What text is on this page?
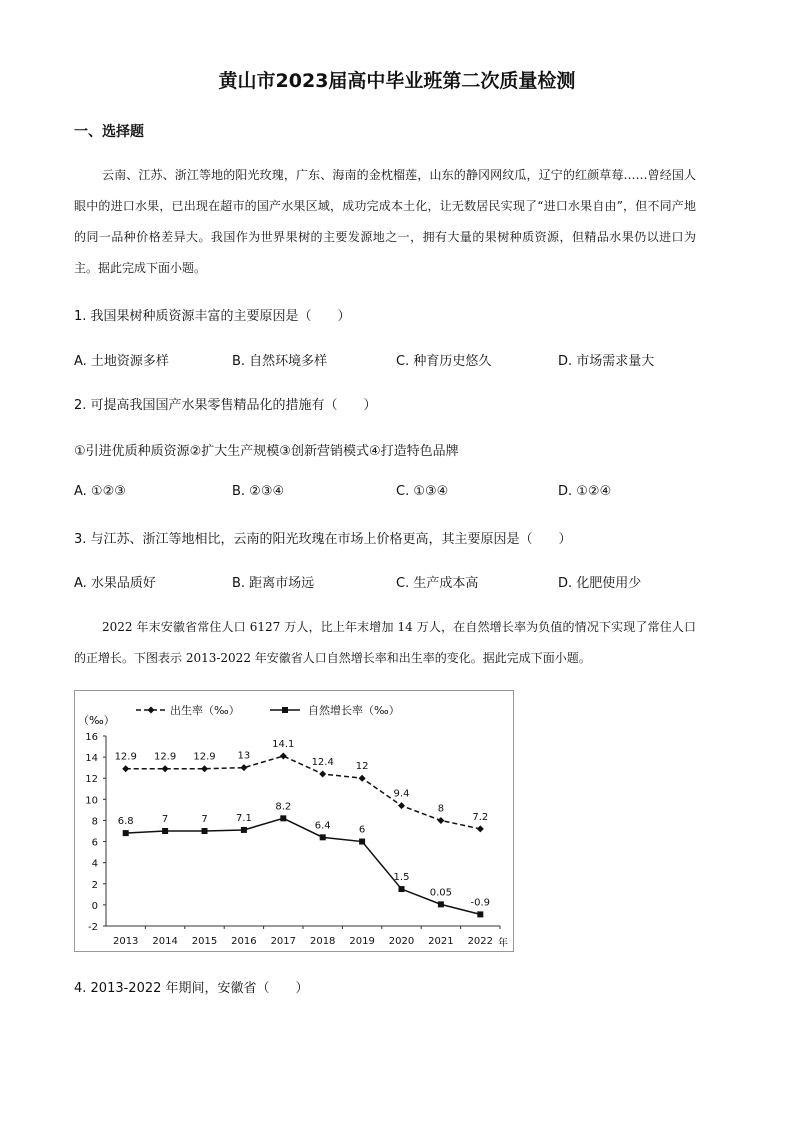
黄山市2023届高中毕业班第二次质量检测
一、选择题
云南、江苏、浙江等地的阳光玫瑰，广东、海南的金枕榴莲，山东的静冈网纹瓜，辽宁的红颜草莓……曾经国人眼中的进口水果，已出现在超市的国产水果区域，成功完成本土化，让无数居民实现了“进口水果自由”，但不同产地的同一品种价格差异大。我国作为世界果树的主要发源地之一，拥有大量的果树种质资源，但精品水果仍以进口为主。据此完成下面小题。
1. 我国果树种质资源丰富的主要原因是（　　）
A. 土地资源多样	B. 自然环境多样	C. 种育历史悠久	D. 市场需求量大
2. 可提高我国国产水果零售精品化的措施有（　　）
①引进优质种质资源②扩大生产规模③创新营销模式④打造特色品牌
A. ①②③	B. ②③④	C. ①③④	D. ①②④
3. 与江苏、浙江等地相比，云南的阳光玫瑰在市场上价格更高，其主要原因是（　　）
A. 水果品质好	B. 距离市场远	C. 生产成本高	D. 化肥使用少
2022 年末安徽省常住人口 6127 万人，比上年末增加 14 万人，在自然增长率为负值的情况下实现了常住人口的正增长。下图表示 2013-2022 年安徽省人口自然增长率和出生率的变化。据此完成下面小题。
（‰）
出生率（‰）	自然增长率（‰）
-2
0
2
4
6
8
10
12
14
16
2013 2014 2015 2016 2017 2018 2019 2020 2021 2022
12.9 12.9 12.9 13
14.1
12.4 12
9.4
8
7.2
6.8	7	7	7.1
8.2
6.4	6
1.5
0.05
-0.9
年
4. 2013-2022 年期间，安徽省（　　）
